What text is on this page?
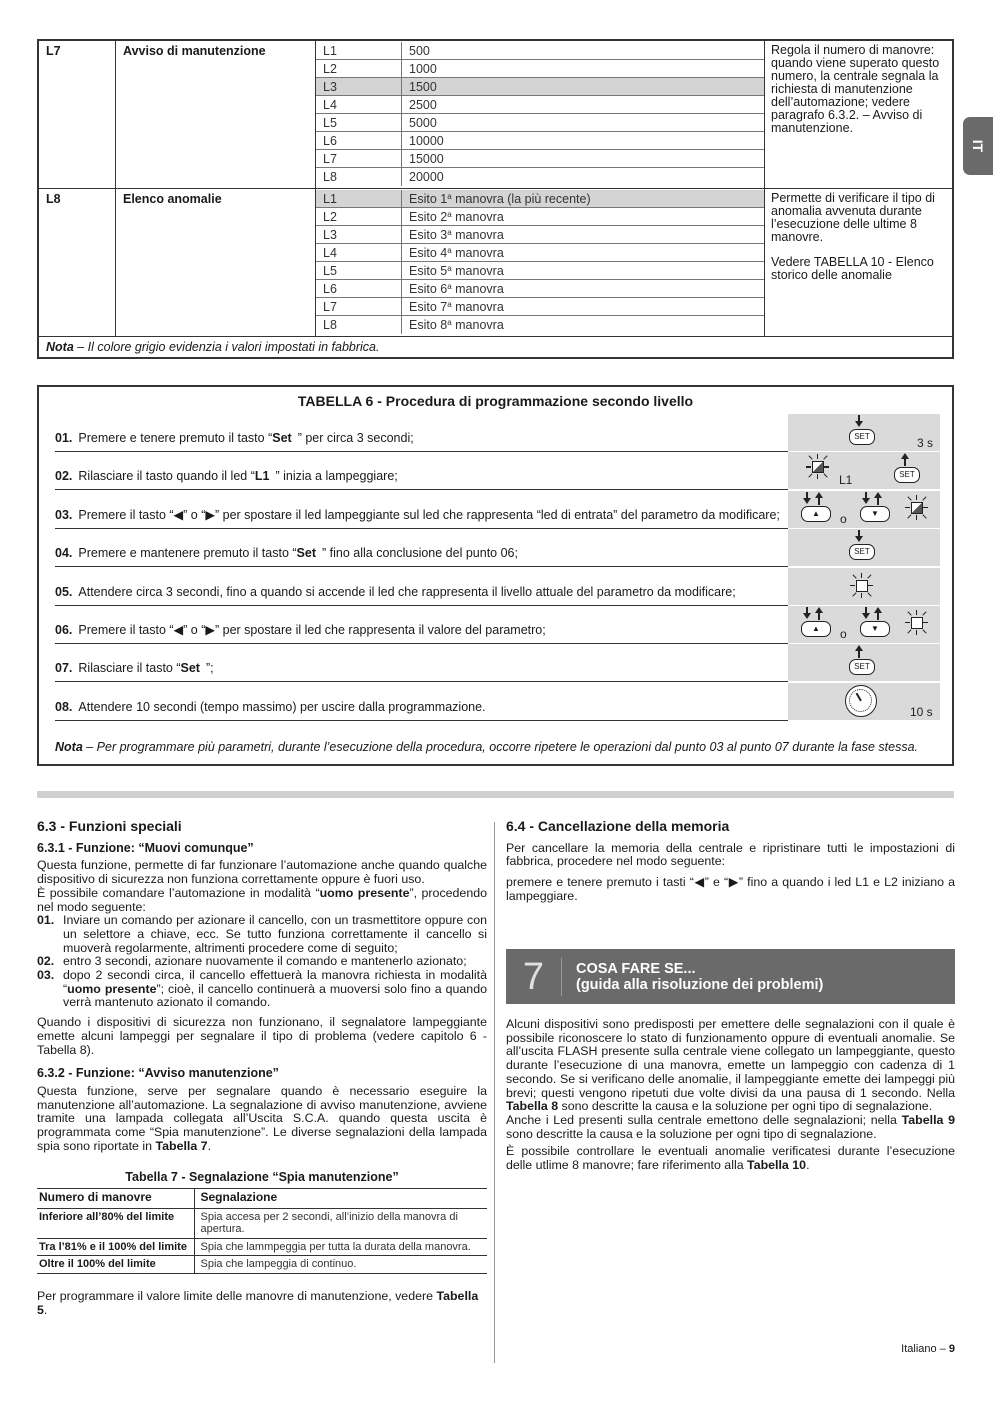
IT
L7	Avviso di manutenzione	L1	500
L2	1000
L3	1500
L4	2500
L5	5000
L6	10000
L7	15000
L8	20000
Regola il numero di manovre: quando viene superato questo numero, la centrale segnala la richiesta di manutenzione dell’automazione; vedere paragrafo 6.3.2. – Avviso di manutenzione.
L8	Elenco anomalie	L1	Esito 1$^a$ manovra (la più recente)
L2	Esito 2$^a$ manovra
L3	Esito 3$^a$ manovra
L4	Esito 4$^a$ manovra
L5	Esito 5$^a$ manovra
L6	Esito 6$^a$ manovra
L7	Esito 7$^a$ manovra
L8	Esito 8$^a$ manovra
Permette di verificare il tipo di anomalia avvenuta durante l’esecuzione delle ultime 8 manovre.
Vedere TABELLA 10 - Elenco storico delle anomalie
Nota – Il colore grigio evidenzia i valori impostati in fabbrica.
TABELLA 6 - Procedura di programmazione secondo livello
01. Premere e tenere premuto il tasto “Set ” per circa 3 secondi;	SET	3 s
02. Rilasciare il tasto quando il led “L1 ” inizia a lampeggiare;	L1	SET
03. Premere il tasto “◀” o “▶” per spostare il led lampeggiante sul led che rappresenta “led di entrata” del parametro da modificare;	▲	o	▼
04. Premere e mantenere premuto il tasto “Set ” fino alla conclusione del punto 06;	SET
05. Attendere circa 3 secondi, fino a quando si accende il led che rappresenta il livello attuale del parametro da modificare;
06. Premere il tasto “◀” o “▶” per spostare il led che rappresenta il valore del parametro;	▲	o	▼
07. Rilasciare il tasto “Set ”;	SET
08. Attendere 10 secondi (tempo massimo) per uscire dalla programmazione.	10 s
Nota – Per programmare più parametri, durante l’esecuzione della procedura, occorre ripetere le operazioni dal punto 03 al punto 07 durante la fase stessa.
6.3 - Funzioni speciali
6.3.1 - Funzione: “Muovi comunque”

Questa funzione, permette di far funzionare l’automazione anche quando qualche dispositivo di sicurezza non funziona correttamente oppure è fuori uso.

È possibile comandare l’automazione in modalità “uomo presente”, procedendo nel modo seguente:

01. Inviare un comando per azionare il cancello, con un trasmettitore oppure con un selettore a chiave, ecc. Se tutto funziona correttamente il cancello si muoverà regolarmente, altrimenti procedere come di seguito;
02. entro 3 secondi, azionare nuovamente il comando e mantenerlo azionato;
03. dopo 2 secondi circa, il cancello effettuerà la manovra richiesta in modalità “uomo presente”; cioè, il cancello continuerà a muoversi solo fino a quando verrà mantenuto azionato il comando.

Quando i dispositivi di sicurezza non funzionano, il segnalatore lampeggiante emette alcuni lampeggi per segnalare il tipo di problema (vedere capitolo 6 - Tabella 8).

6.3.2 - Funzione: “Avviso manutenzione”

Questa funzione, serve per segnalare quando è necessario eseguire la manutenzione all’automazione. La segnalazione di avviso manutenzione, avviene tramite una lampada collegata all’Uscita S.C.A. quando questa uscita è programmata come “Spia manutenzione”. Le diverse segnalazioni della lampada spia sono riportate in Tabella 7.

Tabella 7 - Segnalazione “Spia manutenzione”
Numero di manovre	Segnalazione
Inferiore all’80% del limite	Spia accesa per 2 secondi, all’inizio della manovra di apertura.
Tra l’81% e il 100% del limite	Spia che lammpeggia per tutta la durata della manovra.
Oltre il 100% del limite	Spia che lampeggia di continuo.

Per programmare il valore limite delle manovre di manutenzione, vedere Tabella 5.

6.4 - Cancellazione della memoria

Per cancellare la memoria della centrale e ripristinare tutti le impostazioni di fabbrica, procedere nel modo seguente:

premere e tenere premuto i tasti “◀” e “▶” fino a quando i led L1 e L2 iniziano a lampeggiare.

7	COSA FARE SE...
(guida alla risoluzione dei problemi)

Alcuni dispositivi sono predisposti per emettere delle segnalazioni con il quale è possibile riconoscere lo stato di funzionamento oppure di eventuali anomalie. Se all’uscita FLASH presente sulla centrale viene collegato un lampeggiante, questo durante l’esecuzione di una manovra, emette un lampeggio con cadenza di 1 secondo. Se si verificano delle anomalie, il lampeggiante emette dei lampeggi più brevi; questi vengono ripetuti due volte divisi da una pausa di 1 secondo. Nella Tabella 8 sono descritte la causa e la soluzione per ogni tipo di segnalazione.

Anche i Led presenti sulla centrale emettono delle segnalazioni; nella Tabella 9 sono descritte la causa e la soluzione per ogni tipo di segnalazione.

È possibile controllare le eventuali anomalie verificatesi durante l’esecuzione delle utlime 8 manovre; fare riferimento alla Tabella 10.

Italiano – 9
